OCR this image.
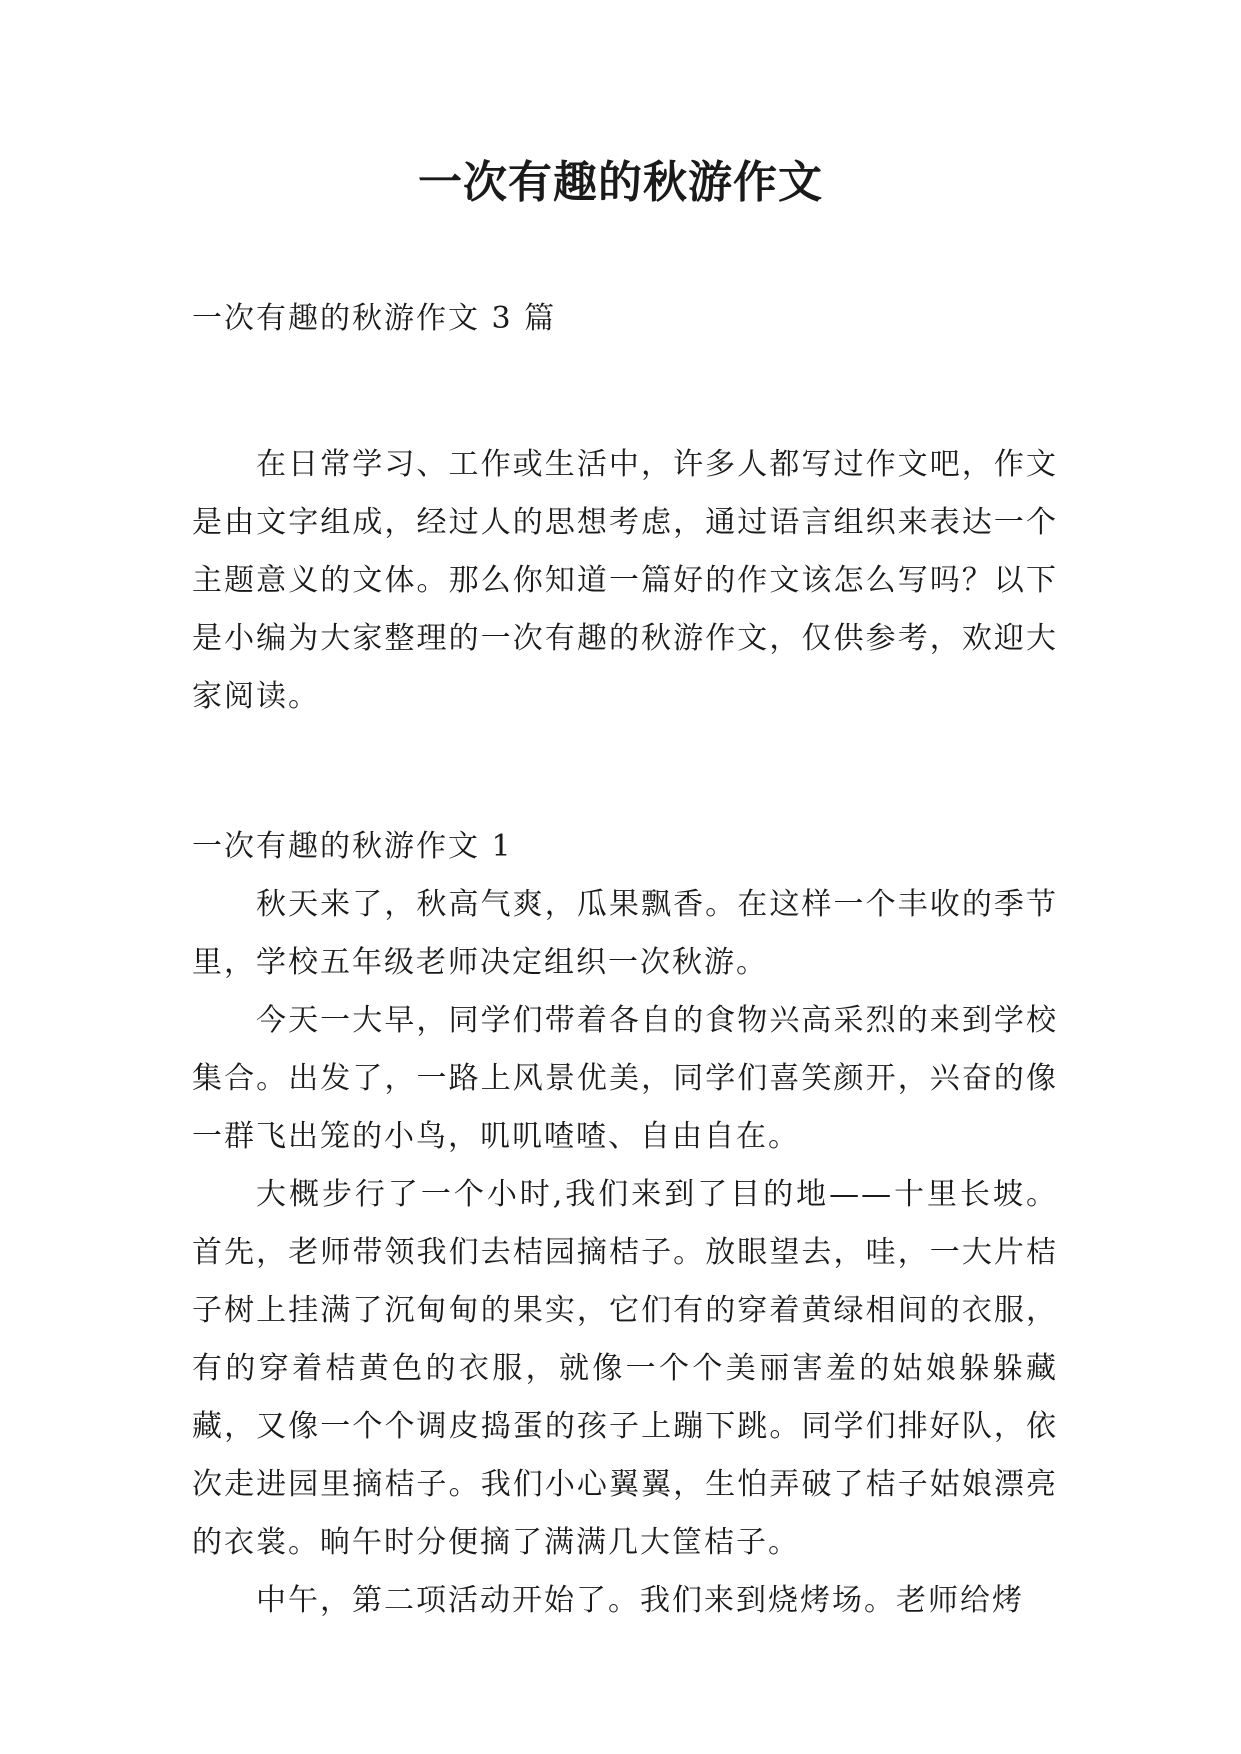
一次有趣的秋游作文

一次有趣的秋游作文 3 篇

在日常学习、工作或生活中，许多人都写过作文吧，作文是由文字组成，经过人的思想考虑，通过语言组织来表达一个主题意义的文体。那么你知道一篇好的作文该怎么写吗？以下是小编为大家整理的一次有趣的秋游作文，仅供参考，欢迎大家阅读。

一次有趣的秋游作文 1

秋天来了，秋高气爽，瓜果飘香。在这样一个丰收的季节里，学校五年级老师决定组织一次秋游。

今天一大早，同学们带着各自的食物兴高采烈的来到学校集合。出发了，一路上风景优美，同学们喜笑颜开，兴奋的像一群飞出笼的小鸟，叽叽喳喳、自由自在。

大概步行了一个小时,我们来到了目的地——十里长坡。首先，老师带领我们去桔园摘桔子。放眼望去，哇，一大片桔子树上挂满了沉甸甸的果实，它们有的穿着黄绿相间的衣服，有的穿着桔黄色的衣服，就像一个个美丽害羞的姑娘躲躲藏藏，又像一个个调皮捣蛋的孩子上蹦下跳。同学们排好队，依次走进园里摘桔子。我们小心翼翼，生怕弄破了桔子姑娘漂亮的衣裳。晌午时分便摘了满满几大筐桔子。

中午，第二项活动开始了。我们来到烧烤场。老师给烤
